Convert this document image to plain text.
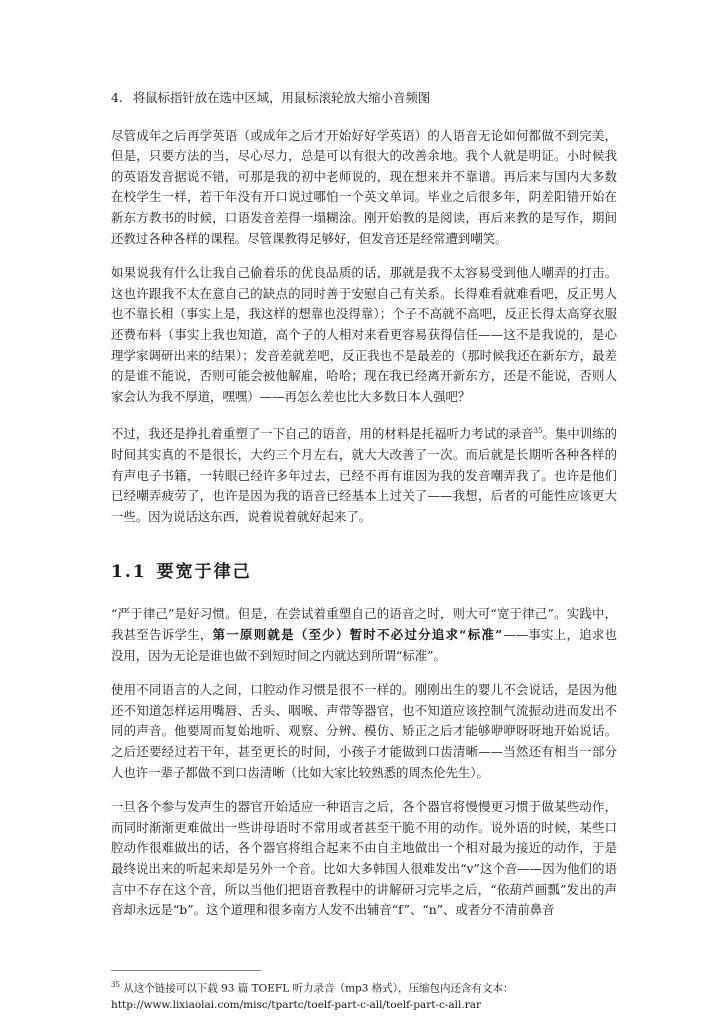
4. 将鼠标指针放在选中区域，用鼠标滚轮放大缩小音频图

尽管成年之后再学英语（或成年之后才开始好好学英语）的人语音无论如何都做不到完美，但是，只要方法的当，尽心尽力，总是可以有很大的改善余地。我个人就是明证。小时候我的英语发音据说不错，可那是我的初中老师说的，现在想来并不靠谱。再后来与国内大多数在校学生一样，若干年没有开口说过哪怕一个英文单词。毕业之后很多年，阴差阳错开始在新东方教书的时候，口语发音差得一塌糊涂。刚开始教的是阅读，再后来教的是写作，期间还教过各种各样的课程。尽管课教得足够好，但发音还是经常遭到嘲笑。

如果说我有什么让我自己偷着乐的优良品质的话，那就是我不太容易受到他人嘲弄的打击。这也许跟我不太在意自己的缺点的同时善于安慰自己有关系。长得难看就难看吧，反正男人也不靠长相（事实上是，我这样的想靠也没得靠）；个子不高就不高吧，反正长得太高穿衣服还费布料（事实上我也知道，高个子的人相对来看更容易获得信任——这不是我说的，是心理学家调研出来的结果）；发音差就差吧，反正我也不是最差的（那时候我还在新东方，最差的是谁不能说，否则可能会被他解雇，哈哈；现在我已经离开新东方，还是不能说，否则人家会认为我不厚道，嘿嘿）——再怎么差也比大多数日本人强吧？

不过，我还是挣扎着重塑了一下自己的语音，用的材料是托福听力考试的录音$^{35}$。集中训练的时间其实真的不是很长，大约三个月左右，就大大改善了一次。而后就是长期听各种各样的有声电子书籍，一转眼已经许多年过去，已经不再有谁因为我的发音嘲弄我了。也许是他们已经嘲弄疲劳了，也许是因为我的语音已经基本上过关了——我想，后者的可能性应该更大一些。因为说话这东西，说着说着就好起来了。

1.1 要宽于律己

“严于律己”是好习惯。但是，在尝试着重塑自己的语音之时，则大可“宽于律己”。实践中，我甚至告诉学生，第一原则就是（至少）暂时不必过分追求“标准”——事实上，追求也没用，因为无论是谁也做不到短时间之内就达到所谓“标准”。

使用不同语言的人之间，口腔动作习惯是很不一样的。刚刚出生的婴儿不会说话，是因为他还不知道怎样运用嘴唇、舌头、咽喉、声带等器官，也不知道应该控制气流振动进而发出不同的声音。他要周而复始地听、观察、分辨、模仿、矫正之后才能够咿咿呀呀地开始说话。之后还要经过若干年，甚至更长的时间，小孩子才能做到口齿清晰——当然还有相当一部分人也许一辈子都做不到口齿清晰（比如大家比较熟悉的周杰伦先生）。

一旦各个参与发声生的器官开始适应一种语言之后，各个器官将慢慢更习惯于做某些动作，而同时渐渐更难做出一些讲母语时不常用或者甚至干脆不用的动作。说外语的时候，某些口腔动作很难做出的话，各个器官将组合起来不由自主地做出一个相对最为接近的动作，于是最终说出来的听起来却是另外一个音。比如大多韩国人很难发出“v”这个音——因为他们的语言中不存在这个音，所以当他们把语音教程中的讲解研习完毕之后，“依葫芦画瓢”发出的声音却永远是“b”。这个道理和很多南方人发不出辅音“f”、“n”、或者分不清前鼻音

$^{35}$ 从这个链接可以下载 93 篇 TOEFL 听力录音（mp3 格式），压缩包内还含有文本：
http://www.lixiaolai.com/misc/tpartc/toelf-part-c-all/toelf-part-c-all.rar
